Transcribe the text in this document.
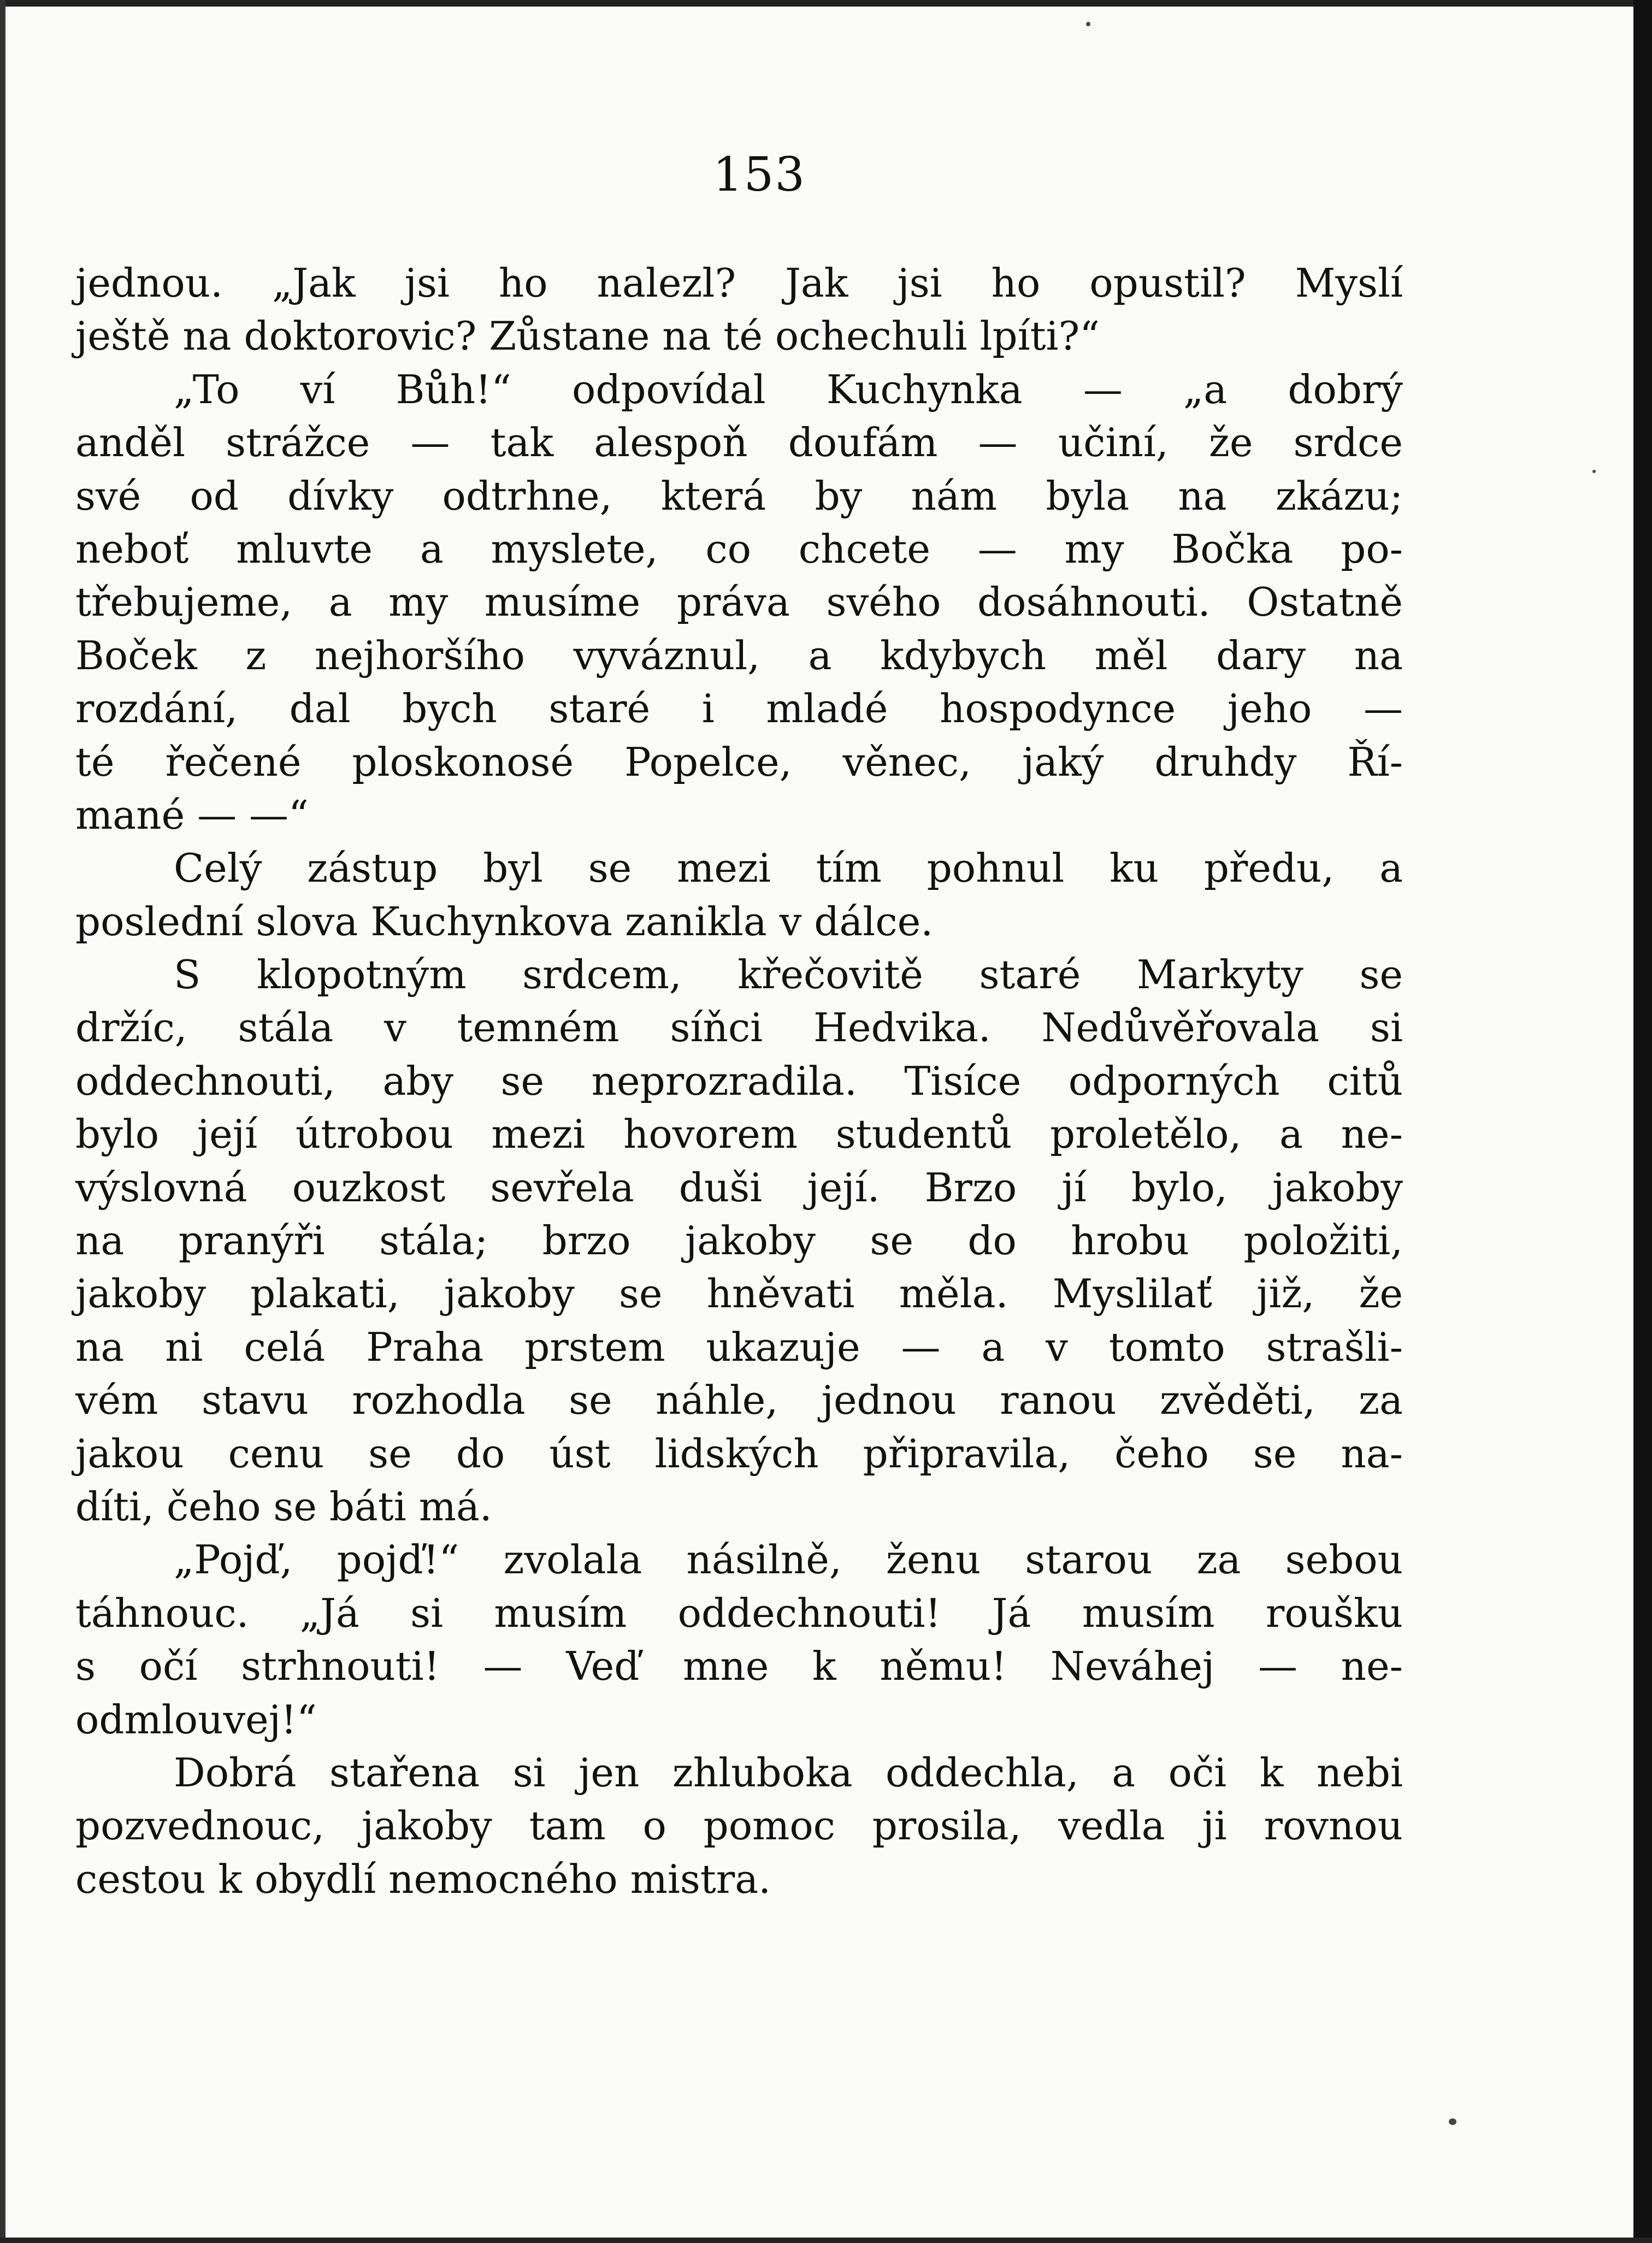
153
jednou. „Jak jsi ho nalezl? Jak jsi ho opustil? Myslí
ještě na doktorovic? Zůstane na té ochechuli lpíti?“
„To ví Bůh!“ odpovídal Kuchynka — „a dobrý
anděl strážce — tak alespoň doufám — učiní, že srdce
své od dívky odtrhne, která by nám byla na zkázu;
neboť mluvte a myslete, co chcete — my Bočka po-
třebujeme, a my musíme práva svého dosáhnouti. Ostatně
Boček z nejhoršího vyváznul, a kdybych měl dary na
rozdání, dal bych staré i mladé hospodynce jeho —
té řečené ploskonosé Popelce, věnec, jaký druhdy Ří-
mané — —“
Celý zástup byl se mezi tím pohnul ku předu, a
poslední slova Kuchynkova zanikla v dálce.
S klopotným srdcem, křečovitě staré Markyty se
držíc, stála v temném síňci Hedvika. Nedůvěřovala si
oddechnouti, aby se neprozradila. Tisíce odporných citů
bylo její útrobou mezi hovorem studentů proletělo, a ne-
výslovná ouzkost sevřela duši její. Brzo jí bylo, jakoby
na pranýři stála; brzo jakoby se do hrobu položiti,
jakoby plakati, jakoby se hněvati měla. Myslilať již, že
na ni celá Praha prstem ukazuje — a v tomto strašli-
vém stavu rozhodla se náhle, jednou ranou zvěděti, za
jakou cenu se do úst lidských připravila, čeho se na-
díti, čeho se báti má.
„Pojď, pojď!“ zvolala násilně, ženu starou za sebou
táhnouc. „Já si musím oddechnouti! Já musím roušku
s očí strhnouti! — Veď mne k němu! Neváhej — ne-
odmlouvej!“
Dobrá stařena si jen zhluboka oddechla, a oči k nebi
pozvednouc, jakoby tam o pomoc prosila, vedla ji rovnou
cestou k obydlí nemocného mistra.
